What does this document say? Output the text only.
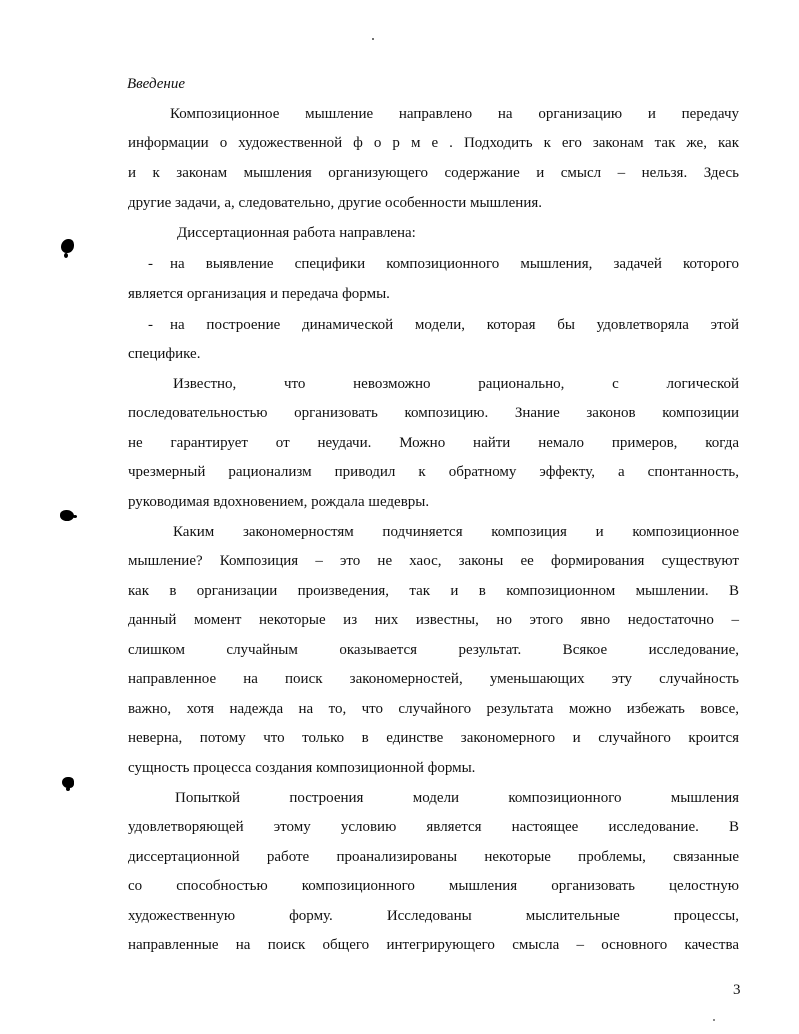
Введение

Композиционное мышление направлено на организацию и передачу

информации о художественной ф о р м е . Подходить к его законам так же, как

и к законам мышления организующего содержание и смысл – нельзя. Здесь

другие задачи, а, следовательно, другие особенности мышления.

Диссертационная работа направлена:

- на выявление специфики композиционного мышления, задачей которого

является организация и передача формы.

- на построение динамической модели, которая бы удовлетворяла этой

специфике.

Известно, что невозможно рационально, с логической

последовательностью организовать композицию. Знание законов композиции

не гарантирует от неудачи. Можно найти немало примеров, когда

чрезмерный рационализм приводил к обратному эффекту, а спонтанность,

руководимая вдохновением, рождала шедевры.

Каким закономерностям подчиняется композиция и композиционное

мышление? Композиция – это не хаос, законы ее формирования существуют

как в организации произведения, так и в композиционном мышлении. В

данный момент некоторые из них известны, но этого явно недостаточно –

слишком случайным оказывается результат. Всякое исследование,

направленное на поиск закономерностей, уменьшающих эту случайность

важно, хотя надежда на то, что случайного результата можно избежать вовсе,

неверна, потому что только в единстве закономерного и случайного кроится

сущность процесса создания композиционной формы.

Попыткой построения модели композиционного мышления

удовлетворяющей этому условию является настоящее исследование. В

диссертационной работе проанализированы некоторые проблемы, связанные

со способностью композиционного мышления организовать целостную

художественную форму. Исследованы мыслительные процессы,

направленные на поиск общего интегрирующего смысла – основного качества

3
